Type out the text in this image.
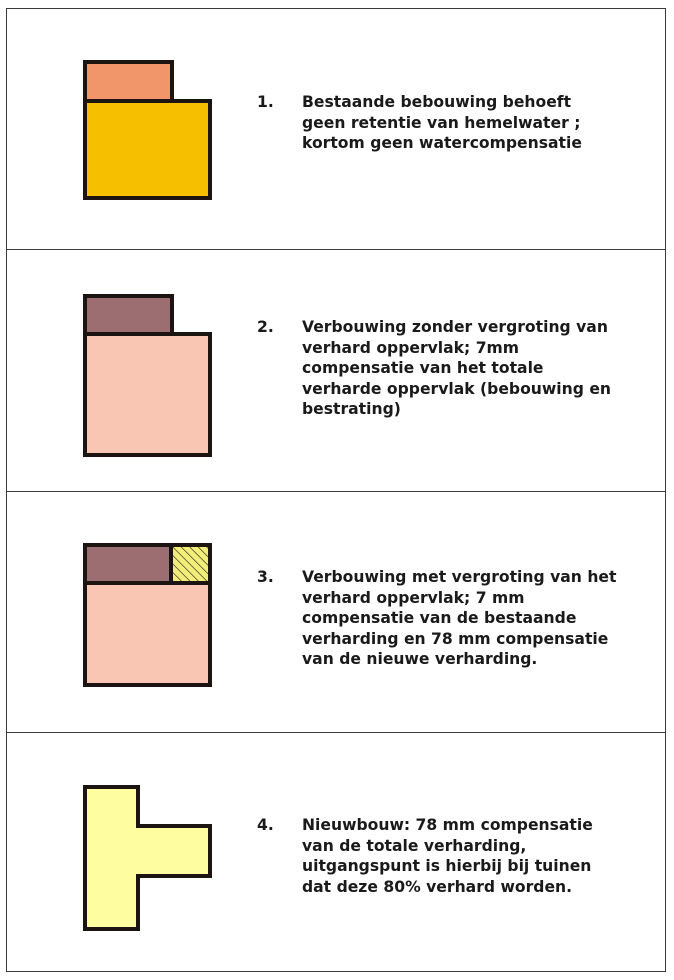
1.	Bestaande bebouwing behoeft
geen retentie van hemelwater ;
kortom geen watercompensatie
2.	Verbouwing zonder vergroting van
verhard oppervlak; 7mm
compensatie van het totale
verharde oppervlak (bebouwing en
bestrating)
3.	Verbouwing met vergroting van het
verhard oppervlak; 7 mm
compensatie van de bestaande
verharding en 78 mm compensatie
van de nieuwe verharding.
4.	Nieuwbouw: 78 mm compensatie
van de totale verharding,
uitgangspunt is hierbij bij tuinen
dat deze 80% verhard worden.
